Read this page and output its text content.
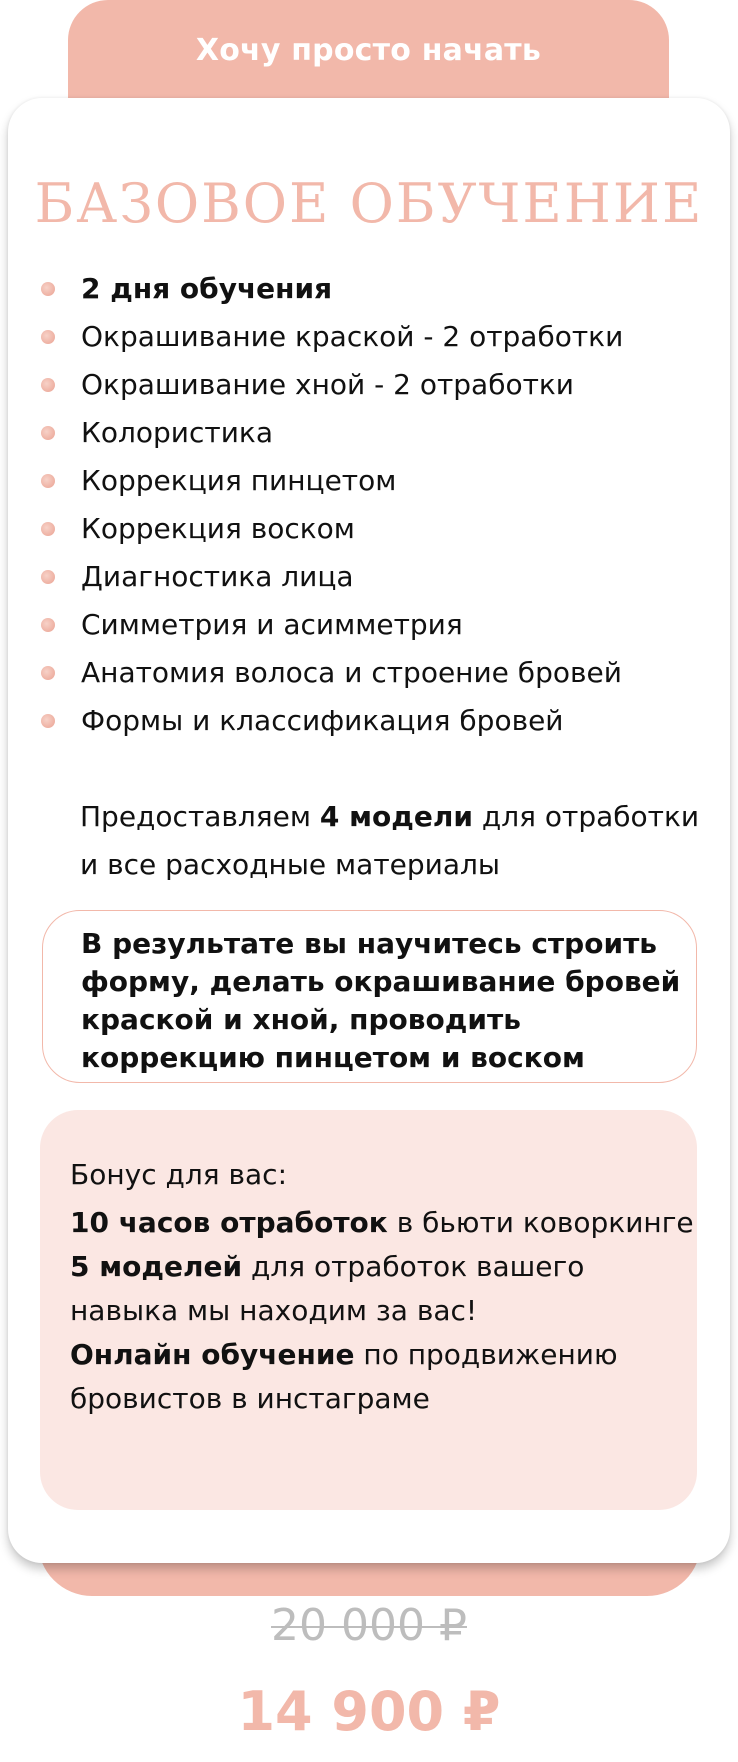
Хочу просто начать
БАЗОВОЕ ОБУЧЕНИЕ
2 дня обучения
Окрашивание краской - 2 отработки
Окрашивание хной - 2 отработки
Колористика
Коррекция пинцетом
Коррекция воском
Диагностика лица
Симметрия и асимметрия
Анатомия волоса и строение бровей
Формы и классификация бровей
Предоставляем 4 модели для отработки и все расходные материалы
В результате вы научитесь строить форму, делать окрашивание бровей краской и хной, проводить коррекцию пинцетом и воском

Бонус для вас:

10 часов отработок в бьюти коворкинге

5 моделей для отработок вашего навыка мы находим за вас!

Онлайн обучение по продвижению бровистов в инстаграме

20 000 ₽
14 900 ₽
